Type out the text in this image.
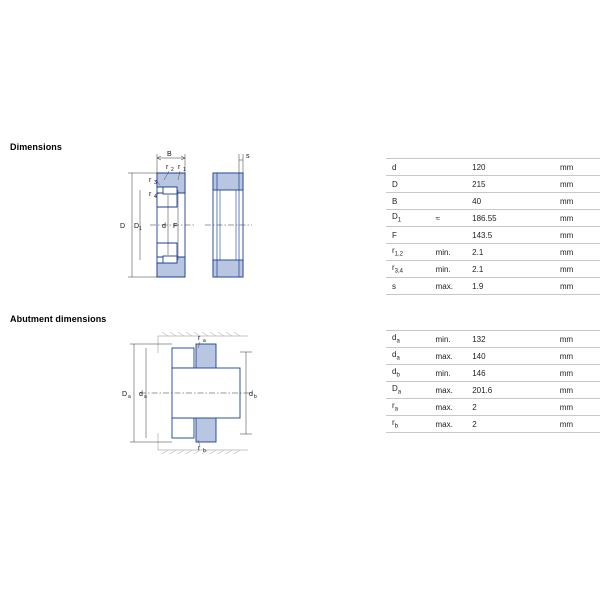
Dimensions
Abutment dimensions
B	s
r 2 r 1
r 3
r 4
D D 1	d F
r a
r b
D a d a	d b
d		120	mm
D		215	mm
B		40	mm
$D_1$	≈	186.55	mm
F		143.5	mm
$r_{1,2}$	min.	2.1	mm
$r_{3,4}$	min.	2.1	mm
s	max.	1.9	mm
$d_a$	min.	132	mm
$d_a$	max.	140	mm
$d_b$	min.	146	mm
$D_a$	max.	201.6	mm
$r_a$	max.	2	mm
$r_b$	max.	2	mm
